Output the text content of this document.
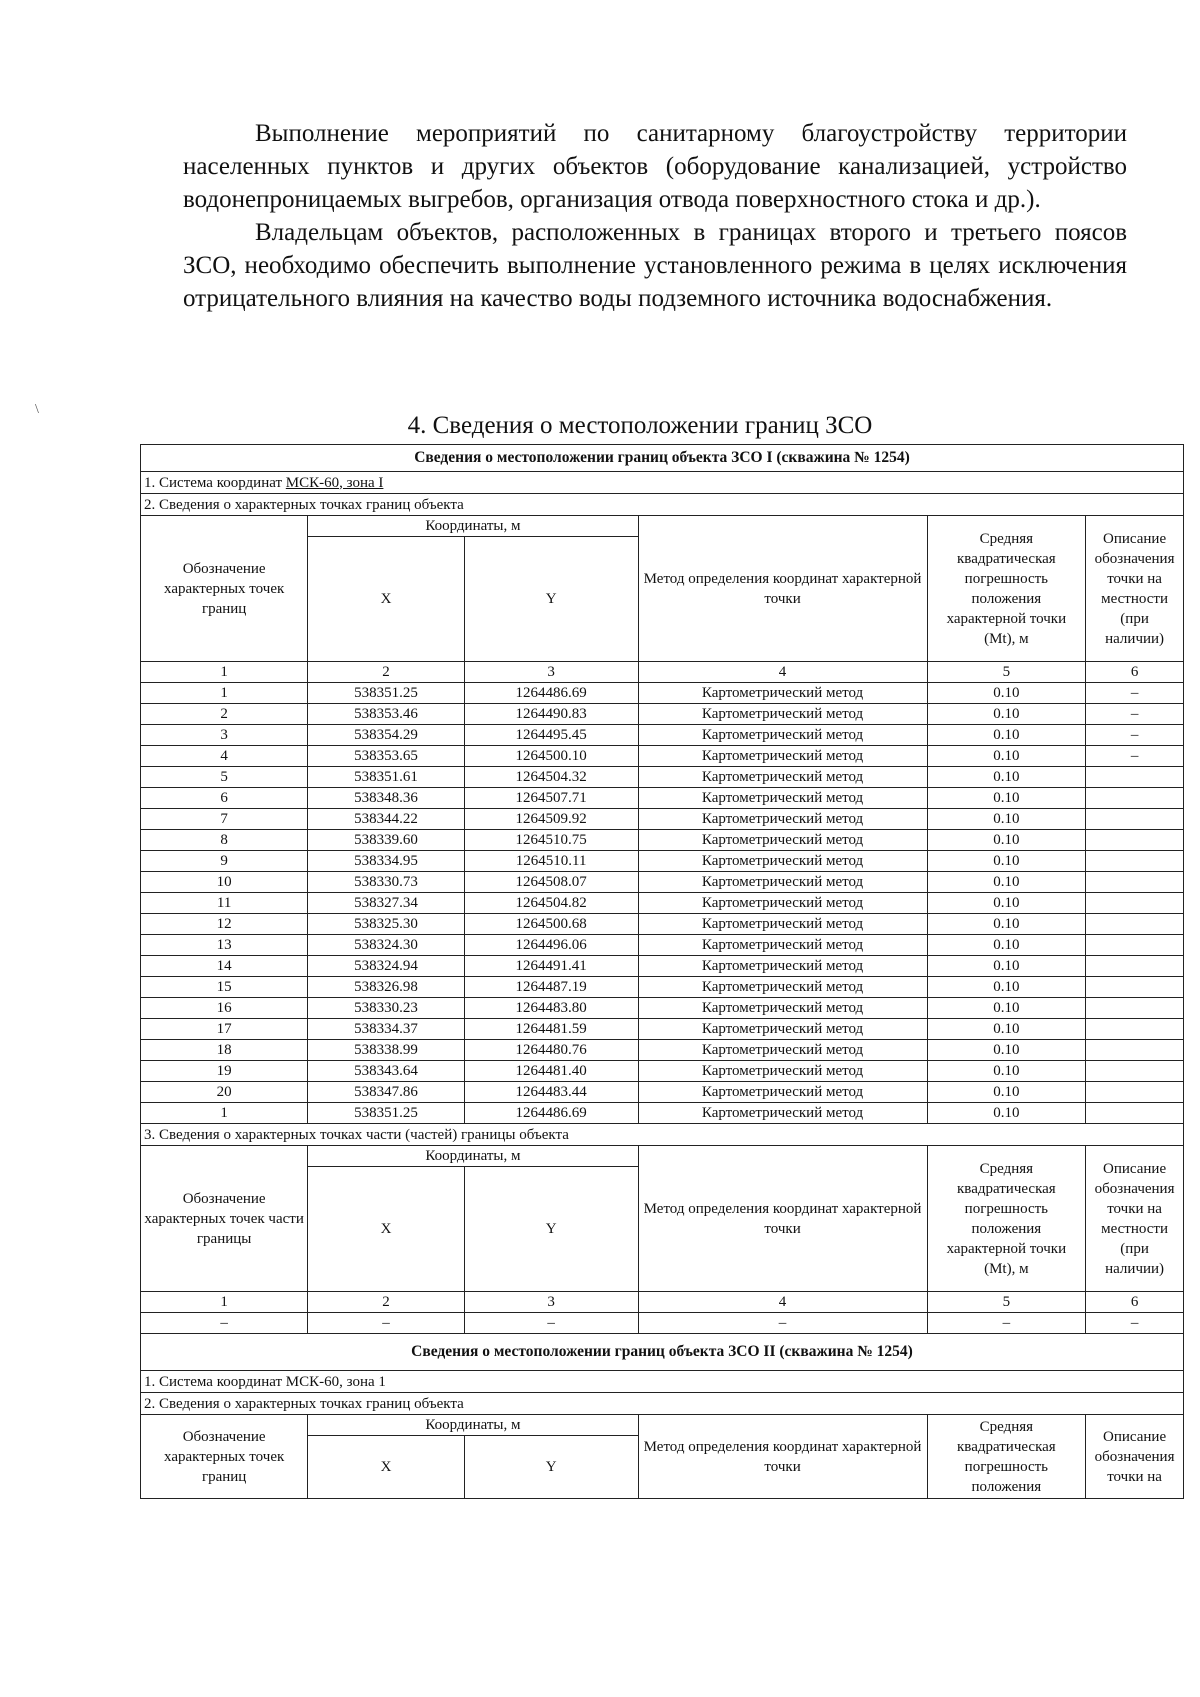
Выполнение мероприятий по санитарному благоустройству территории населенных пунктов и других объектов (оборудование канализацией, устройство водонепроницаемых выгребов, организация отвода поверхностного стока и др.).

Владельцам объектов, расположенных в границах второго и третьего поясов ЗСО, необходимо обеспечить выполнение установленного режима в целях исключения отрицательного влияния на качество воды подземного источника водоснабжения.

\
4. Сведения о местоположении границ ЗСО
Сведения о местоположении границ объекта ЗСО I (скважина № 1254)					
1. Система координат МСК-60, зона I					
2. Сведения о характерных точках границ объекта					
Обозначение характерных точек границ	Координаты, м		Метод определения координат характерной точки	Средняя квадратическая погрешность положения характерной точки (Mt), м	Описание обозначения точки на местности (при наличии)
	X	Y			
1	2	3	4	5	6
1	538351.25	1264486.69	Картометрический метод	0.10	–
2	538353.46	1264490.83	Картометрический метод	0.10	–
3	538354.29	1264495.45	Картометрический метод	0.10	–
4	538353.65	1264500.10	Картометрический метод	0.10	–
5	538351.61	1264504.32	Картометрический метод	0.10	
6	538348.36	1264507.71	Картометрический метод	0.10	
7	538344.22	1264509.92	Картометрический метод	0.10	
8	538339.60	1264510.75	Картометрический метод	0.10	
9	538334.95	1264510.11	Картометрический метод	0.10	
10	538330.73	1264508.07	Картометрический метод	0.10	
11	538327.34	1264504.82	Картометрический метод	0.10	
12	538325.30	1264500.68	Картометрический метод	0.10	
13	538324.30	1264496.06	Картометрический метод	0.10	
14	538324.94	1264491.41	Картометрический метод	0.10	
15	538326.98	1264487.19	Картометрический метод	0.10	
16	538330.23	1264483.80	Картометрический метод	0.10	
17	538334.37	1264481.59	Картометрический метод	0.10	
18	538338.99	1264480.76	Картометрический метод	0.10	
19	538343.64	1264481.40	Картометрический метод	0.10	
20	538347.86	1264483.44	Картометрический метод	0.10	
1	538351.25	1264486.69	Картометрический метод	0.10	
3. Сведения о характерных точках части (частей) границы объекта					
Обозначение характерных точек части границы	Координаты, м		Метод определения координат характерной точки	Средняя квадратическая погрешность положения характерной точки (Mt), м	Описание обозначения точки на местности (при наличии)
	X	Y			
1	2	3	4	5	6
–	–	–	–	–	–
Сведения о местоположении границ объекта ЗСО II (скважина № 1254)					
1. Система координат МСК-60, зона 1					
2. Сведения о характерных точках границ объекта					
Обозначение характерных точек границ	Координаты, м		Метод определения координат характерной точки	Средняя квадратическая погрешность положения	Описание обозначения точки на
	X	Y			
